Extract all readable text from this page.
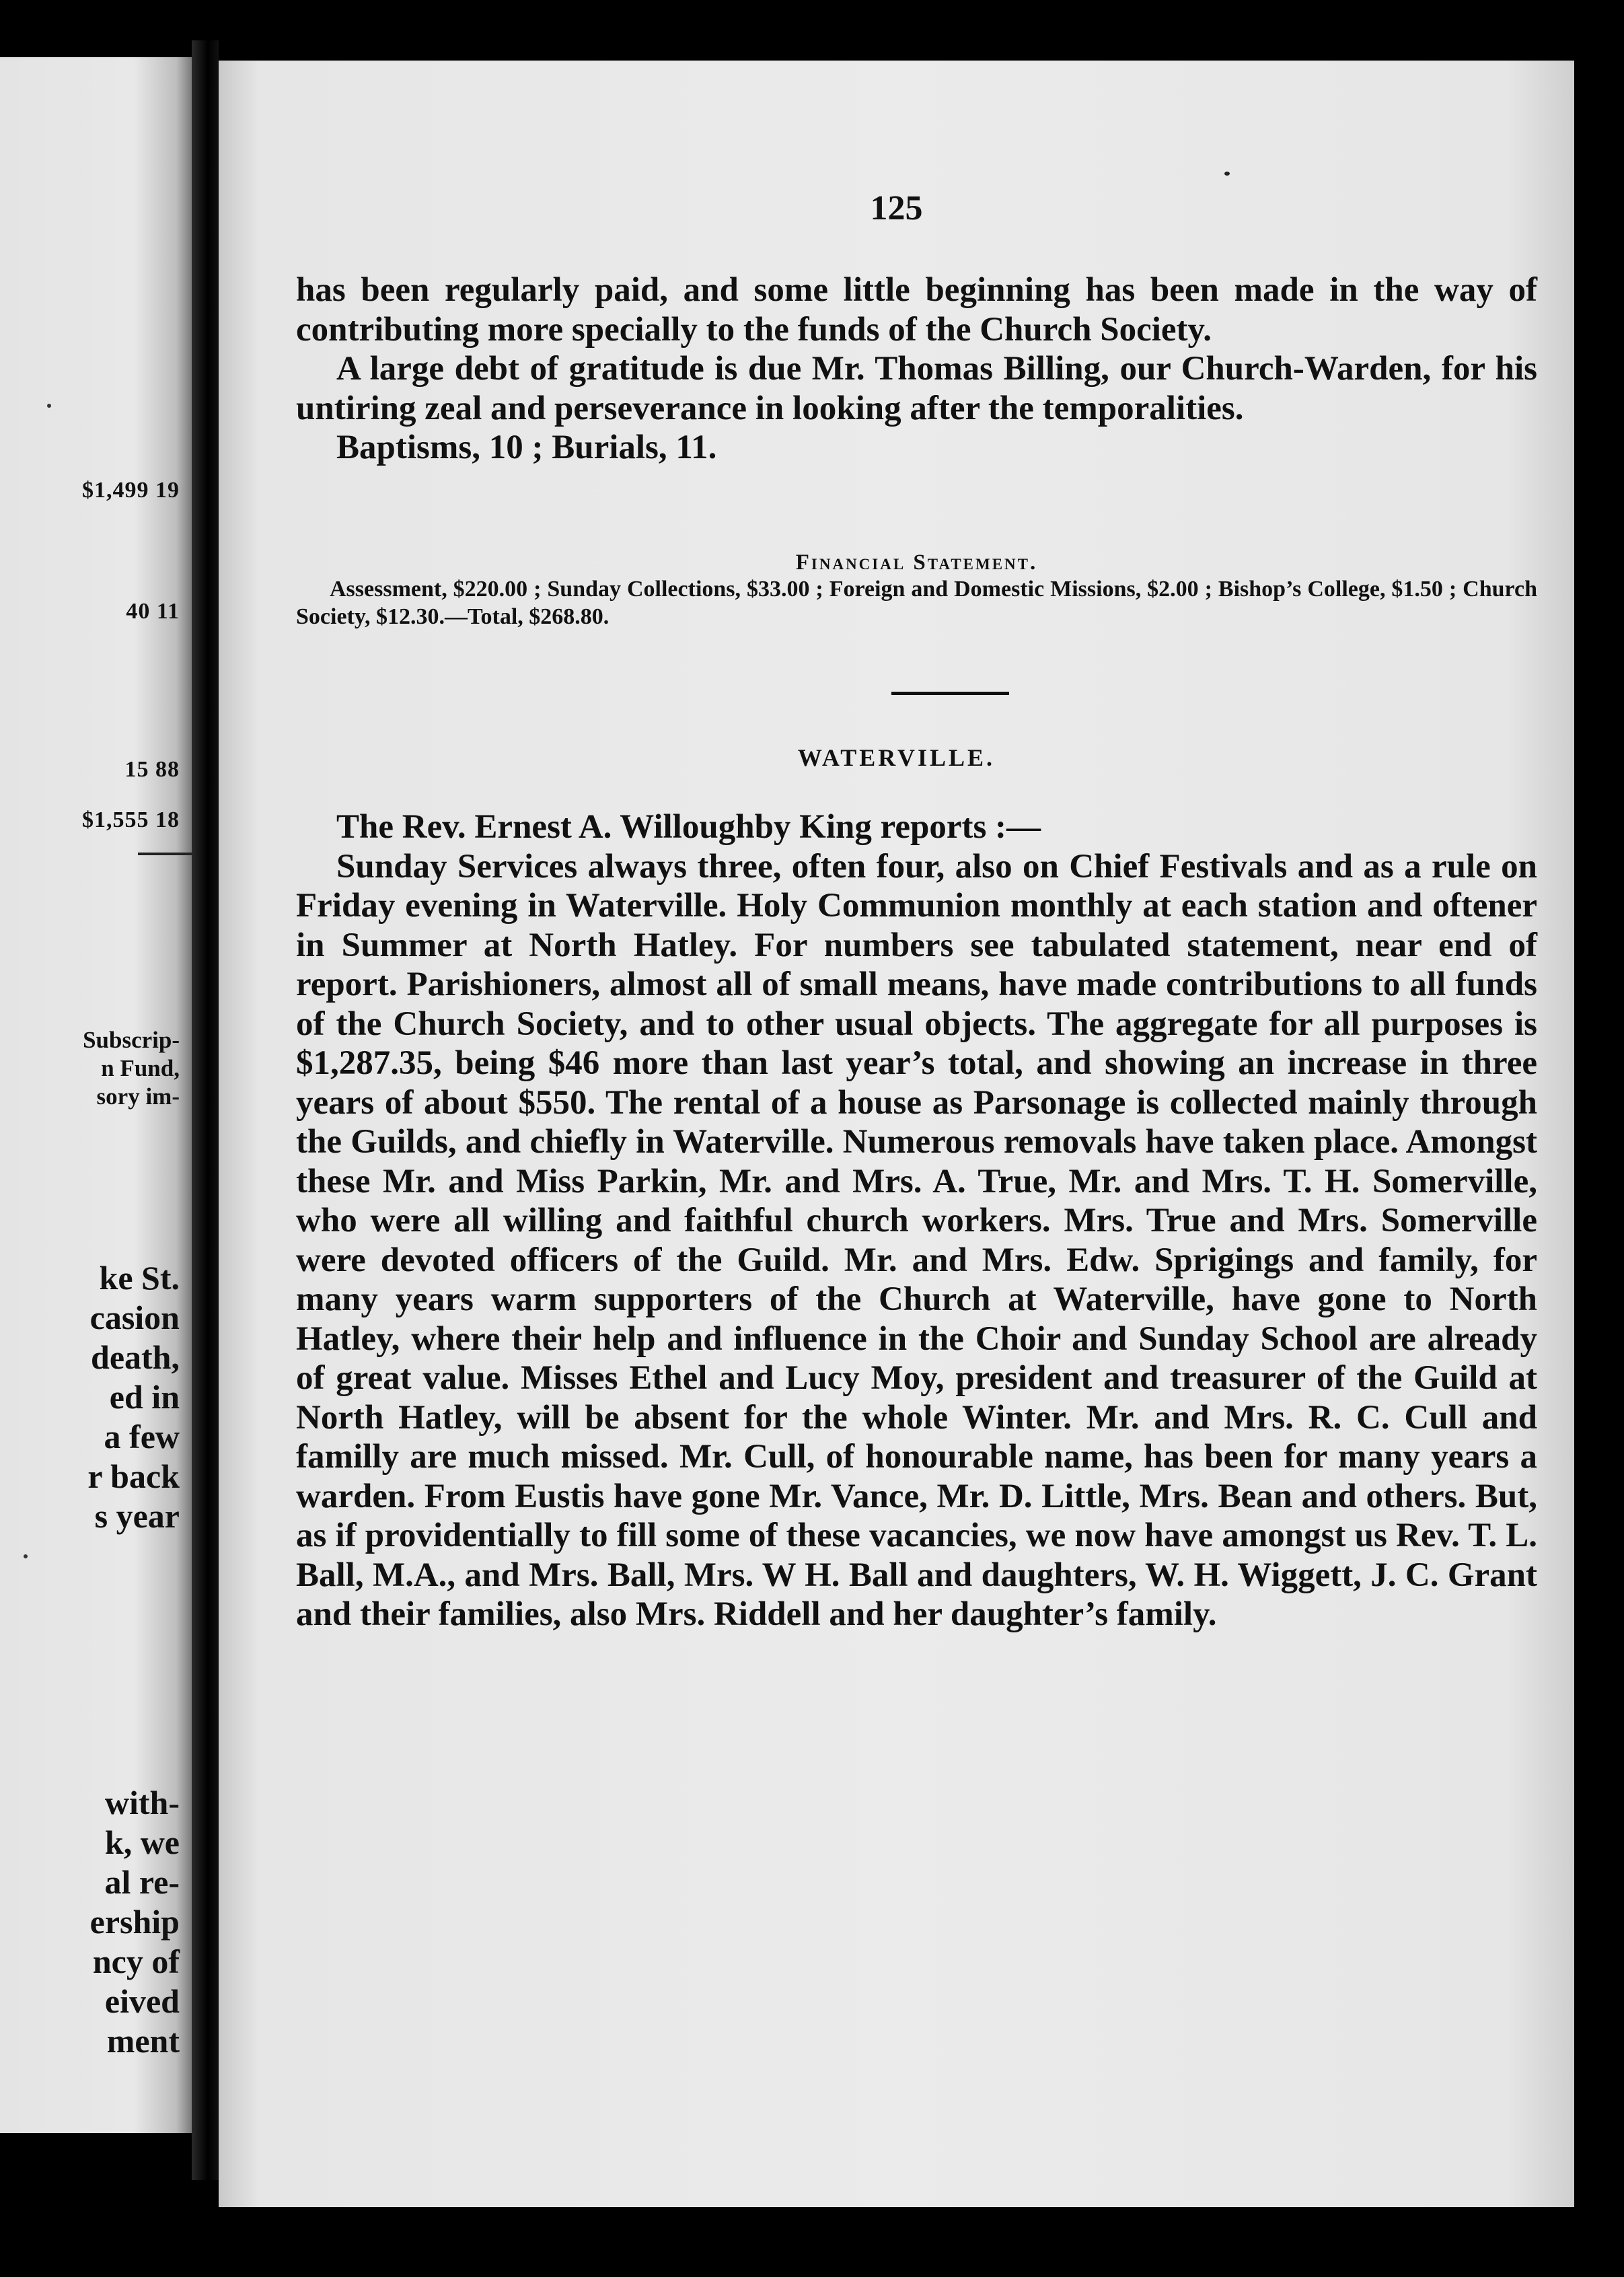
$1,499 19
40 11
15 88
$1,555 18
Subscrip-
n Fund,
sory im-
ke St.
casion
death,
ed in
a few
r back
s year
with-
k, we
al re-
ership
ncy of
eived
ment
125

has been regularly paid, and some little beginning has been made in the way of contributing more specially to the funds of the Church Society.

A large debt of gratitude is due Mr. Thomas Billing, our Church-Warden, for his untiring zeal and perseverance in looking after the temporalities.

Baptisms, 10 ; Burials, 11.

Financial Statement.

Assessment, $220.00 ; Sunday Collections, $33.00 ; Foreign and Domestic Missions, $2.00 ; Bishop’s College, $1.50 ; Church Society, $12.30.—Total, $268.80.

WATERVILLE.

The Rev. Ernest A. Willoughby King reports :—

Sunday Services always three, often four, also on Chief Festivals and as a rule on Friday evening in Waterville. Holy Communion monthly at each station and oftener in Summer at North Hatley. For numbers see tabulated statement, near end of report. Parishioners, almost all of small means, have made contributions to all funds of the Church Society, and to other usual objects. The aggregate for all purposes is $1,287.35, being $46 more than last year’s total, and showing an increase in three years of about $550. The rental of a house as Parsonage is collected mainly through the Guilds, and chiefly in Waterville. Numerous removals have taken place. Amongst these Mr. and Miss Parkin, Mr. and Mrs. A. True, Mr. and Mrs. T. H. Somerville, who were all willing and faithful church workers. Mrs. True and Mrs. Somerville were devoted officers of the Guild. Mr. and Mrs. Edw. Sprigings and family, for many years warm supporters of the Church at Waterville, have gone to North Hatley, where their help and influence in the Choir and Sunday School are already of great value. Misses Ethel and Lucy Moy, president and treasurer of the Guild at North Hatley, will be absent for the whole Winter. Mr. and Mrs. R. C. Cull and familly are much missed. Mr. Cull, of honourable name, has been for many years a warden. From Eustis have gone Mr. Vance, Mr. D. Little, Mrs. Bean and others. But, as if providentially to fill some of these vacancies, we now have amongst us Rev. T. L. Ball, M.A., and Mrs. Ball, Mrs. W H. Ball and daughters, W. H. Wiggett, J. C. Grant and their families, also Mrs. Riddell and her daughter’s family.
